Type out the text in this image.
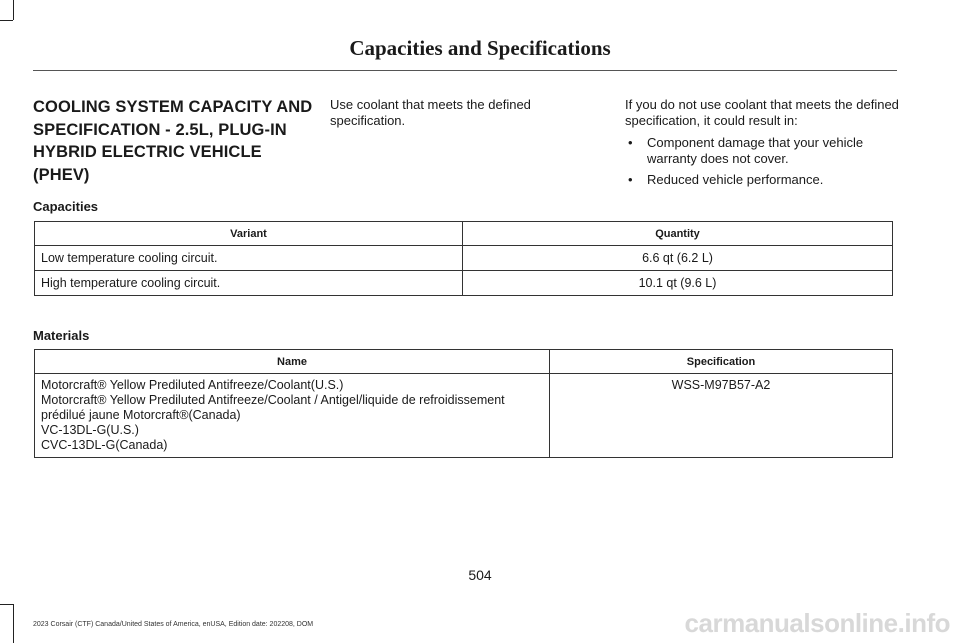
Capacities and Specifications
COOLING SYSTEM CAPACITY AND SPECIFICATION - 2.5L, PLUG-IN HYBRID ELECTRIC VEHICLE (PHEV)
Use coolant that meets the defined specification.

If you do not use coolant that meets the defined specification, it could result in:

• Component damage that your vehicle warranty does not cover.
• Reduced vehicle performance.
Capacities
Variant	Quantity
Low temperature cooling circuit.	6.6 qt (6.2 L)
High temperature cooling circuit.	10.1 qt (9.6 L)
Materials
Name	Specification

Motorcraft® Yellow Prediluted Antifreeze/Coolant(U.S.)
Motorcraft® Yellow Prediluted Antifreeze/Coolant / Antigel/liquide de refroidissement prédilué jaune Motorcraft®(Canada)
VC-13DL-G(U.S.)
CVC-13DL-G(Canada)	WSS-M97B57-A2
504
2023 Corsair (CTF) Canada/United States of America, enUSA, Edition date: 202208, DOM	carmanualsonline.info
